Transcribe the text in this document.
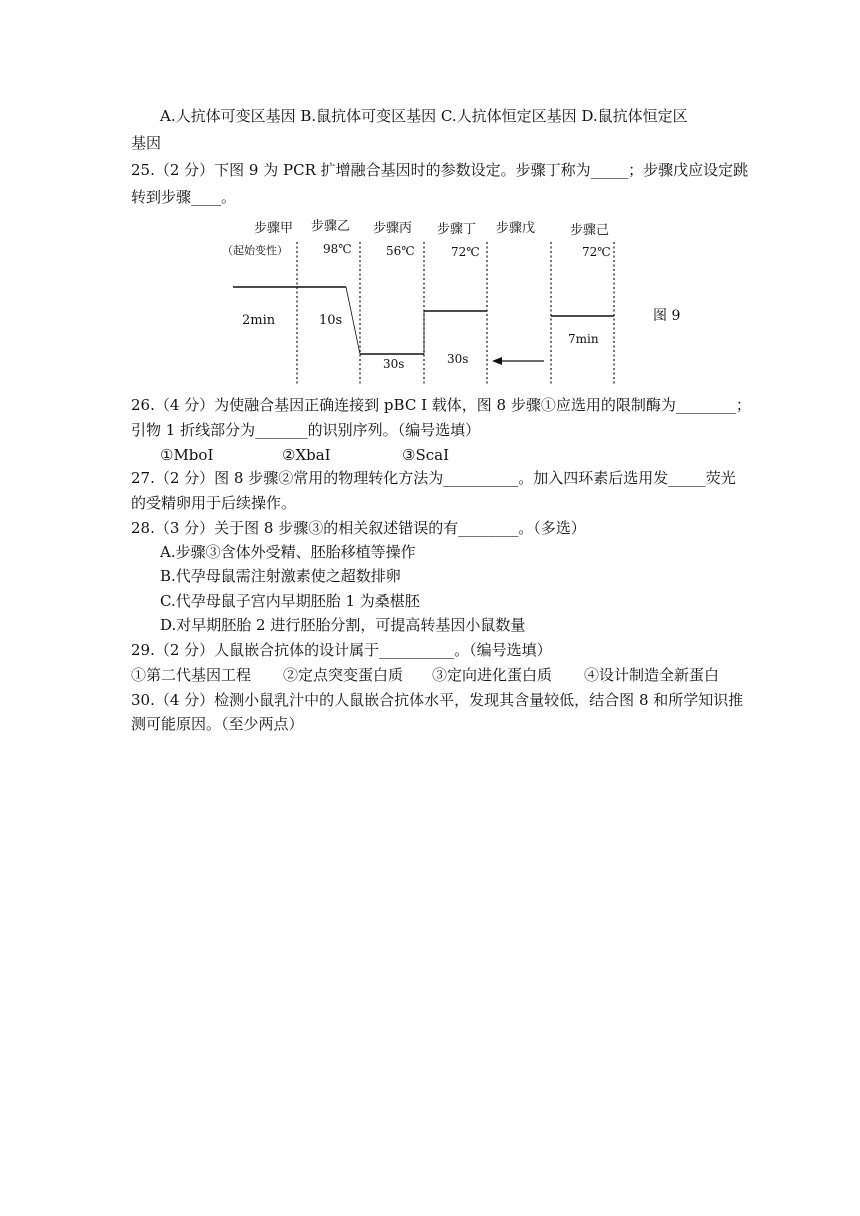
A.人抗体可变区基因 B.鼠抗体可变区基因 C.人抗体恒定区基因 D.鼠抗体恒定区
基因
25.（2 分）下图 9 为 PCR 扩增融合基因时的参数设定。步骤丁称为_____；步骤戊应设定跳
转到步骤____。
步骤甲 步骤乙 步骤丙 步骤丁 步骤戊	步骤己
（起始变性）	98℃	56℃	72℃	72℃
2min	10s
30s	30s
7min
图 9
26.（4 分）为使融合基因正确连接到 pBC I 载体，图 8 步骤①应选用的限制酶为________；
引物 1 折线部分为_______的识别序列。（编号选填）
①MboI	②XbaI	③ScaI
27.（2 分）图 8 步骤②常用的物理转化方法为__________。加入四环素后选用发_____荧光
的受精卵用于后续操作。
28.（3 分）关于图 8 步骤③的相关叙述错误的有________。（多选）
A.步骤③含体外受精、胚胎移植等操作
B.代孕母鼠需注射激素使之超数排卵
C.代孕母鼠子宫内早期胚胎 1 为桑椹胚
D.对早期胚胎 2 进行胚胎分割，可提高转基因小鼠数量
29.（2 分）人鼠嵌合抗体的设计属于__________。（编号选填）
①第二代基因工程	②定点突变蛋白质	③定向进化蛋白质	④设计制造全新蛋白
30.（4 分）检测小鼠乳汁中的人鼠嵌合抗体水平，发现其含量较低，结合图 8 和所学知识推
测可能原因。（至少两点）
